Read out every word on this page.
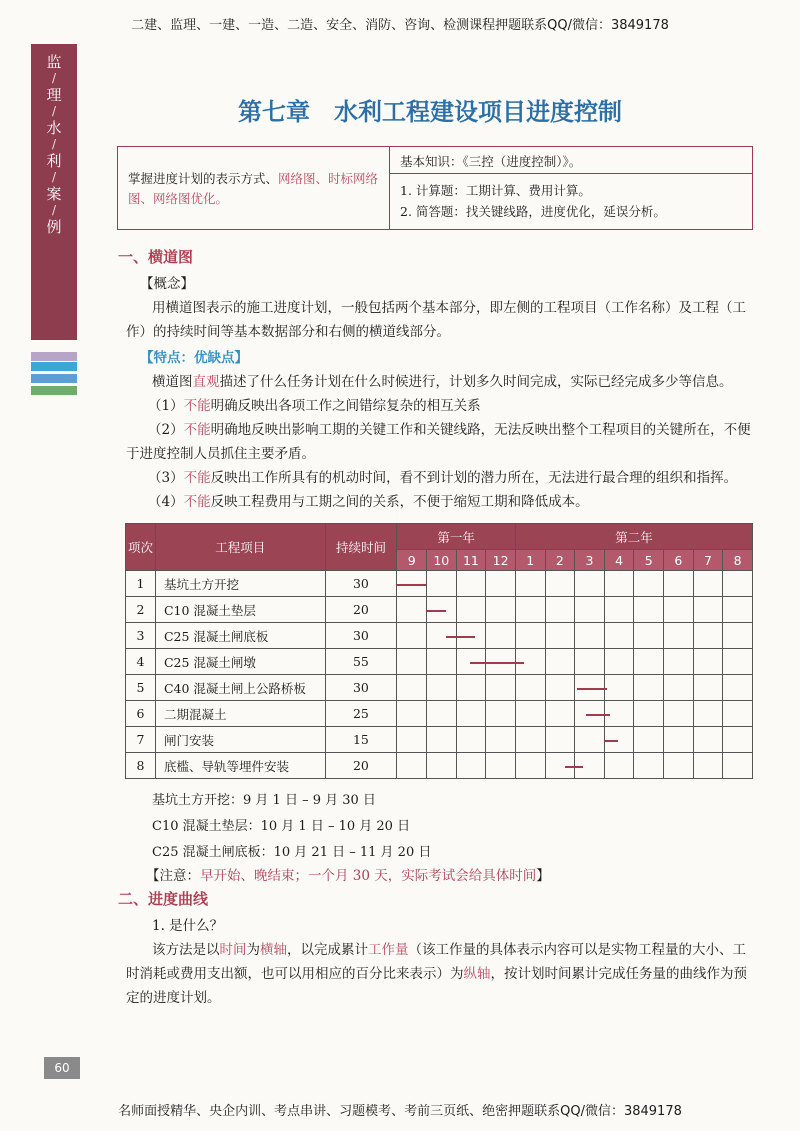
二建、监理、一建、一造、二造、安全、消防、咨询、检测课程押题联系QQ/微信：3849178
监
/
理
/
水
/
利
/
案
/
例
第七章 水利工程建设项目进度控制
掌握进度计划的表示方式、网络图、时标网络图、网络图优化。
基本知识：《三控（进度控制）》。
1. 计算题：工期计算、费用计算。
2. 简答题：找关键线路，进度优化，延误分析。
一、横道图
【概念】
用横道图表示的施工进度计划，一般包括两个基本部分，即左侧的工程项目（工作名称）及工程（工作）的持续时间等基本数据部分和右侧的横道线部分。
【特点：优缺点】
横道图直观描述了什么任务计划在什么时候进行，计划多久时间完成，实际已经完成多少等信息。
（1）不能明确反映出各项工作之间错综复杂的相互关系
（2）不能明确地反映出影响工期的关键工作和关键线路，无法反映出整个工程项目的关键所在，不便于进度控制人员抓住主要矛盾。
（3）不能反映出工作所具有的机动时间，看不到计划的潜力所在，无法进行最合理的组织和指挥。
（4）不能反映工程费用与工期之间的关系，不便于缩短工期和降低成本。
项次	工程项目	持续时间	第一年				第二年							
			9	10	11	12	1	2	3	4	5	6	7	8
1	基坑土方开挖	30												
2	C10 混凝土垫层	20												
3	C25 混凝土闸底板	30												
4	C25 混凝土闸墩	55												
5	C40 混凝土闸上公路桥板	30												
6	二期混凝土	25												
7	闸门安装	15												
8	底槛、导轨等埋件安装	20												
基坑土方开挖：9 月 1 日 – 9 月 30 日
C10 混凝土垫层：10 月 1 日 – 10 月 20 日
C25 混凝土闸底板：10 月 21 日 – 11 月 20 日
【注意：早开始、晚结束；一个月 30 天，实际考试会给具体时间】
二、进度曲线
1. 是什么？
该方法是以时间为横轴，以完成累计工作量（该工作量的具体表示内容可以是实物工程量的大小、工时消耗或费用支出额，也可以用相应的百分比来表示）为纵轴，按计划时间累计完成任务量的曲线作为预定的进度计划。
60
名师面授精华、央企内训、考点串讲、习题模考、考前三页纸、绝密押题联系QQ/微信：3849178
